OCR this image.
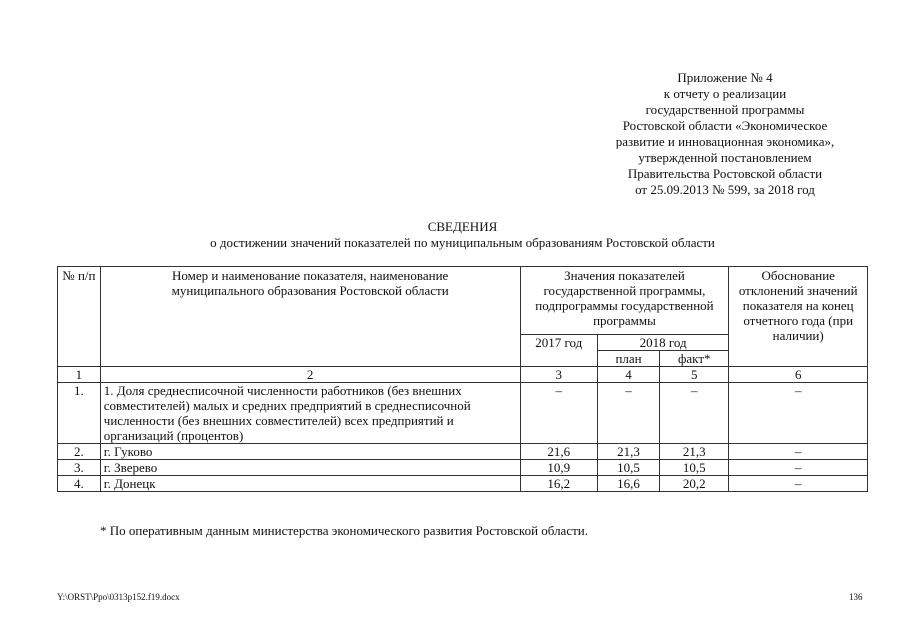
Приложение № 4
к отчету о реализации
государственной программы
Ростовской области «Экономическое
развитие и инновационная экономика»,
утвержденной постановлением
Правительства Ростовской области
от 25.09.2013 № 599, за 2018 год
СВЕДЕНИЯ
о достижении значений показателей по муниципальным образованиям Ростовской области
№ п/п	Номер и наименование показателя, наименование муниципального образования Ростовской области	Значения показателей государственной программы, подпрограммы государственной программы			Обоснование отклонений значений показателя на конец отчетного года (при наличии)
		2017 год	2018 год		
			план	факт*	
1	2	3	4	5	6
1.	1. Доля среднесписочной численности работников (без внешних совместителей) малых и средних предприятий в среднесписочной численности (без внешних совместителей) всех предприятий и организаций (процентов)	–	–	–	–
2.	г. Гуково	21,6	21,3	21,3	–
3.	г. Зверево	10,9	10,5	10,5	–
4.	г. Донецк	16,2	16,6	20,2	–
* По оперативным данным министерства экономического развития Ростовской области.
Y:\ORST\Ppo\0313p152.f19.docx	136
